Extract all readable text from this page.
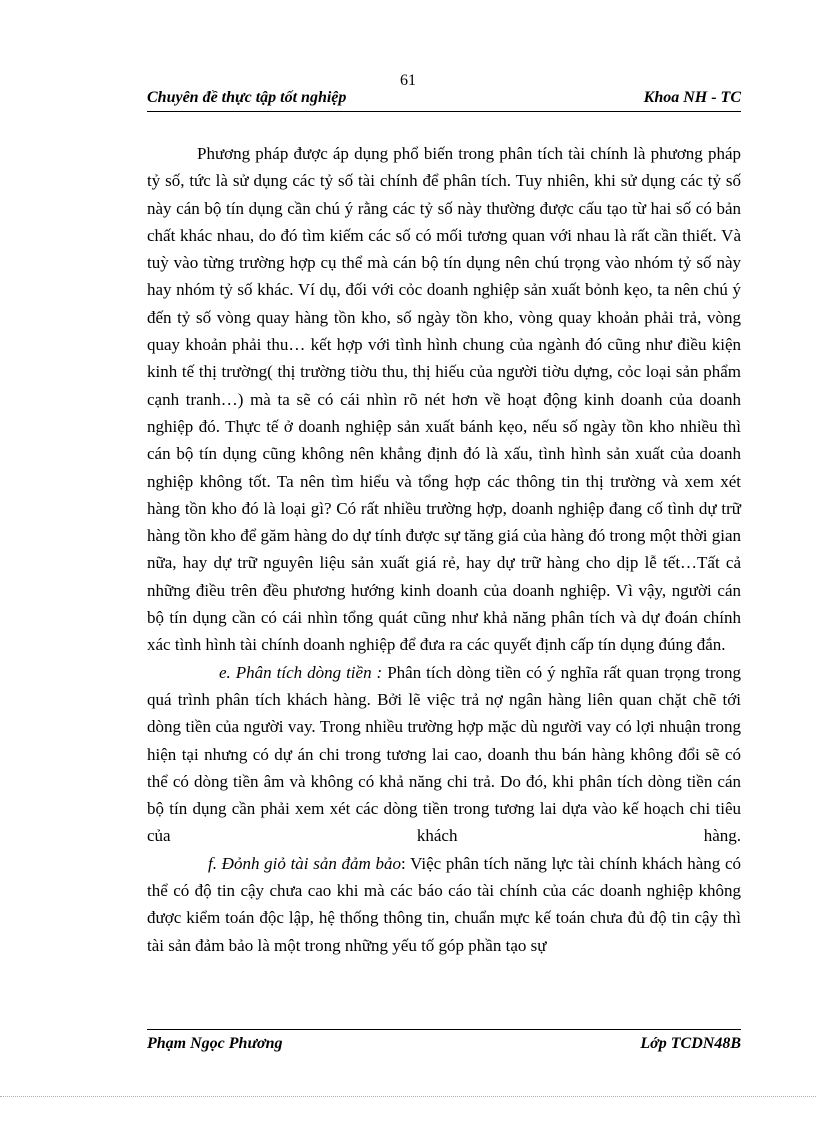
61
Chuyên đề thực tập tốt nghiệp	Khoa NH - TC

Phương pháp được áp dụng phổ biến trong phân tích tài chính là phương pháp tỷ số, tức là sử dụng các tỷ số tài chính để phân tích. Tuy nhiên, khi sử dụng các tỷ số này cán bộ tín dụng cần chú ý rằng các tỷ số này thường được cấu tạo từ hai số có bản chất khác nhau, do đó tìm kiếm các số có mối tương quan với nhau là rất cần thiết. Và tuỳ vào từng trường hợp cụ thể mà cán bộ tín dụng nên chú trọng vào nhóm tỷ số này hay nhóm tỷ số khác. Ví dụ, đối với cỏc doanh nghiệp sản xuất bỏnh kẹo, ta nên chú ý đến tỷ số vòng quay hàng tồn kho, số ngày tồn kho, vòng quay khoản phải trả, vòng quay khoản phải thu… kết hợp với tình hình chung của ngành đó cũng như điều kiện kinh tế thị trường( thị trường tiờu thu, thị hiếu của người tiờu dựng, cỏc loại sản phẩm cạnh tranh…) mà ta sẽ có cái nhìn rõ nét hơn về hoạt động kinh doanh của doanh nghiệp đó. Thực tế ở doanh nghiệp sản xuất bánh kẹo, nếu số ngày tồn kho nhiều thì cán bộ tín dụng cũng không nên khẳng định đó là xấu, tình hình sản xuất của doanh nghiệp không tốt. Ta nên tìm hiểu và tổng hợp các thông tin thị trường và xem xét hàng tồn kho đó là loại gì? Có rất nhiều trường hợp, doanh nghiệp đang cố tình dự trữ hàng tồn kho để găm hàng do dự tính được sự tăng giá của hàng đó trong một thời gian nữa, hay dự trữ nguyên liệu sản xuất giá rẻ, hay dự trữ hàng cho dịp lễ tết…Tất cả những điều trên đều phương hướng kinh doanh của doanh nghiệp. Vì vậy, người cán bộ tín dụng cần có cái nhìn tổng quát cũng như khả năng phân tích và dự đoán chính xác tình hình tài chính doanh nghiệp để đưa ra các quyết định cấp tín dụng đúng đắn.

e. Phân tích dòng tiền : Phân tích dòng tiền có ý nghĩa rất quan trọng trong quá trình phân tích khách hàng. Bởi lẽ việc trả nợ ngân hàng liên quan chặt chẽ tới dòng tiền của người vay. Trong nhiều trường hợp mặc dù người vay có lợi nhuận trong hiện tại nhưng có dự án chi trong tương lai cao, doanh thu bán hàng không đổi sẽ có thể có dòng tiền âm và không có khả năng chi trả. Do đó, khi phân tích dòng tiền cán bộ tín dụng cần phải xem xét các dòng tiền trong tương lai dựa vào kế hoạch chi tiêu của khách hàng.

f. Đỏnh giỏ tài sản đảm bảo: Việc phân tích năng lực tài chính khách hàng có thể có độ tin cậy chưa cao khi mà các báo cáo tài chính của các doanh nghiệp không được kiểm toán độc lập, hệ thống thông tin, chuẩn mực kế toán chưa đủ độ tin cậy thì tài sản đảm bảo là một trong những yếu tố góp phần tạo sự

Phạm Ngọc Phương	Lớp TCDN48B
